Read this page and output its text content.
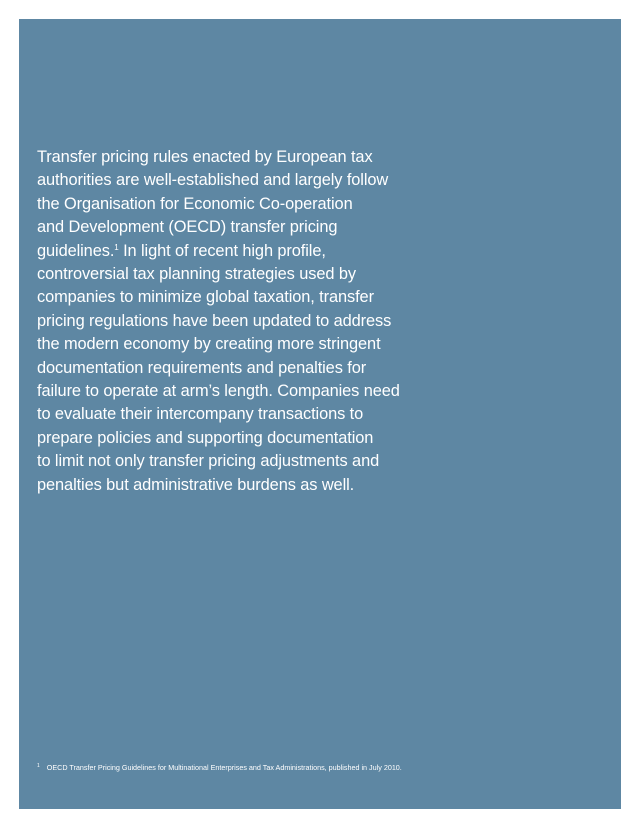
Transfer pricing rules enacted by European tax
authorities are well-established and largely follow
the Organisation for Economic Co-operation
and Development (OECD) transfer pricing
guidelines.$^1$ In light of recent high profile,
controversial tax planning strategies used by
companies to minimize global taxation, transfer
pricing regulations have been updated to address
the modern economy by creating more stringent
documentation requirements and penalties for
failure to operate at arm’s length. Companies need
to evaluate their intercompany transactions to
prepare policies and supporting documentation
to limit not only transfer pricing adjustments and
penalties but administrative burdens as well.

$^1$ OECD Transfer Pricing Guidelines for Multinational Enterprises and Tax Administrations, published in July 2010.
